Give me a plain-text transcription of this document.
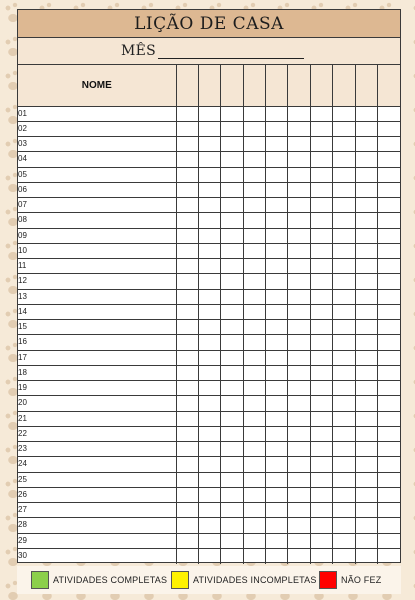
LIÇÃO DE CASA
MÊS
NOME										
01										
02										
03										
04										
05										
06										
07										
08										
09										
10										
11										
12										
13										
14										
15										
16										
17										
18										
19										
20										
21										
22										
23										
24										
25										
26										
27										
28										
29										
30										
ATIVIDADES COMPLETAS	ATIVIDADES INCOMPLETAS	NÃO FEZ
